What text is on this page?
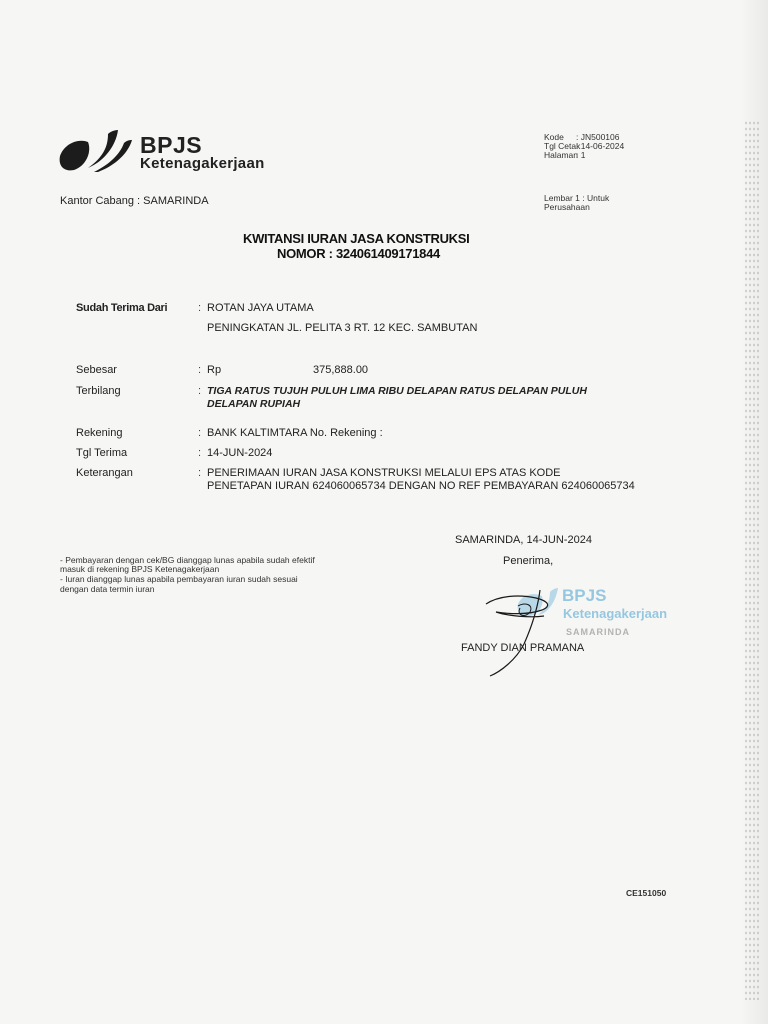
BPJS
Ketenagakerjaan
Kode : JN500106
Tgl Cetak: 14-06-2024
Halaman: 1
Lembar 1 : Untuk
Perusahaan
Kantor Cabang : SAMARINDA
KWITANSI IURAN JASA KONSTRUKSI
NOMOR : 324061409171844
Sudah Terima Dari	: ROTAN JAYA UTAMA
PENINGKATAN JL. PELITA 3 RT. 12 KEC. SAMBUTAN
Sebesar	: Rp	375,888.00
Terbilang	: TIGA RATUS TUJUH PULUH LIMA RIBU DELAPAN RATUS DELAPAN PULUH
DELAPAN RUPIAH
Rekening	: BANK KALTIMTARA No. Rekening :
Tgl Terima	: 14-JUN-2024
Keterangan	: PENERIMAAN IURAN JASA KONSTRUKSI MELALUI EPS ATAS KODE
PENETAPAN IURAN 624060065734 DENGAN NO REF PEMBAYARAN 624060065734
- Pembayaran dengan cek/BG dianggap lunas apabila sudah efektif
masuk di rekening BPJS Ketenagakerjaan
- Iuran dianggap lunas apabila pembayaran iuran sudah sesuai
dengan data termin iuran
SAMARINDA, 14-JUN-2024
Penerima,
BPJS
Ketenagakerjaan
SAMARINDA
FANDY DIAN PRAMANA
CE151050
